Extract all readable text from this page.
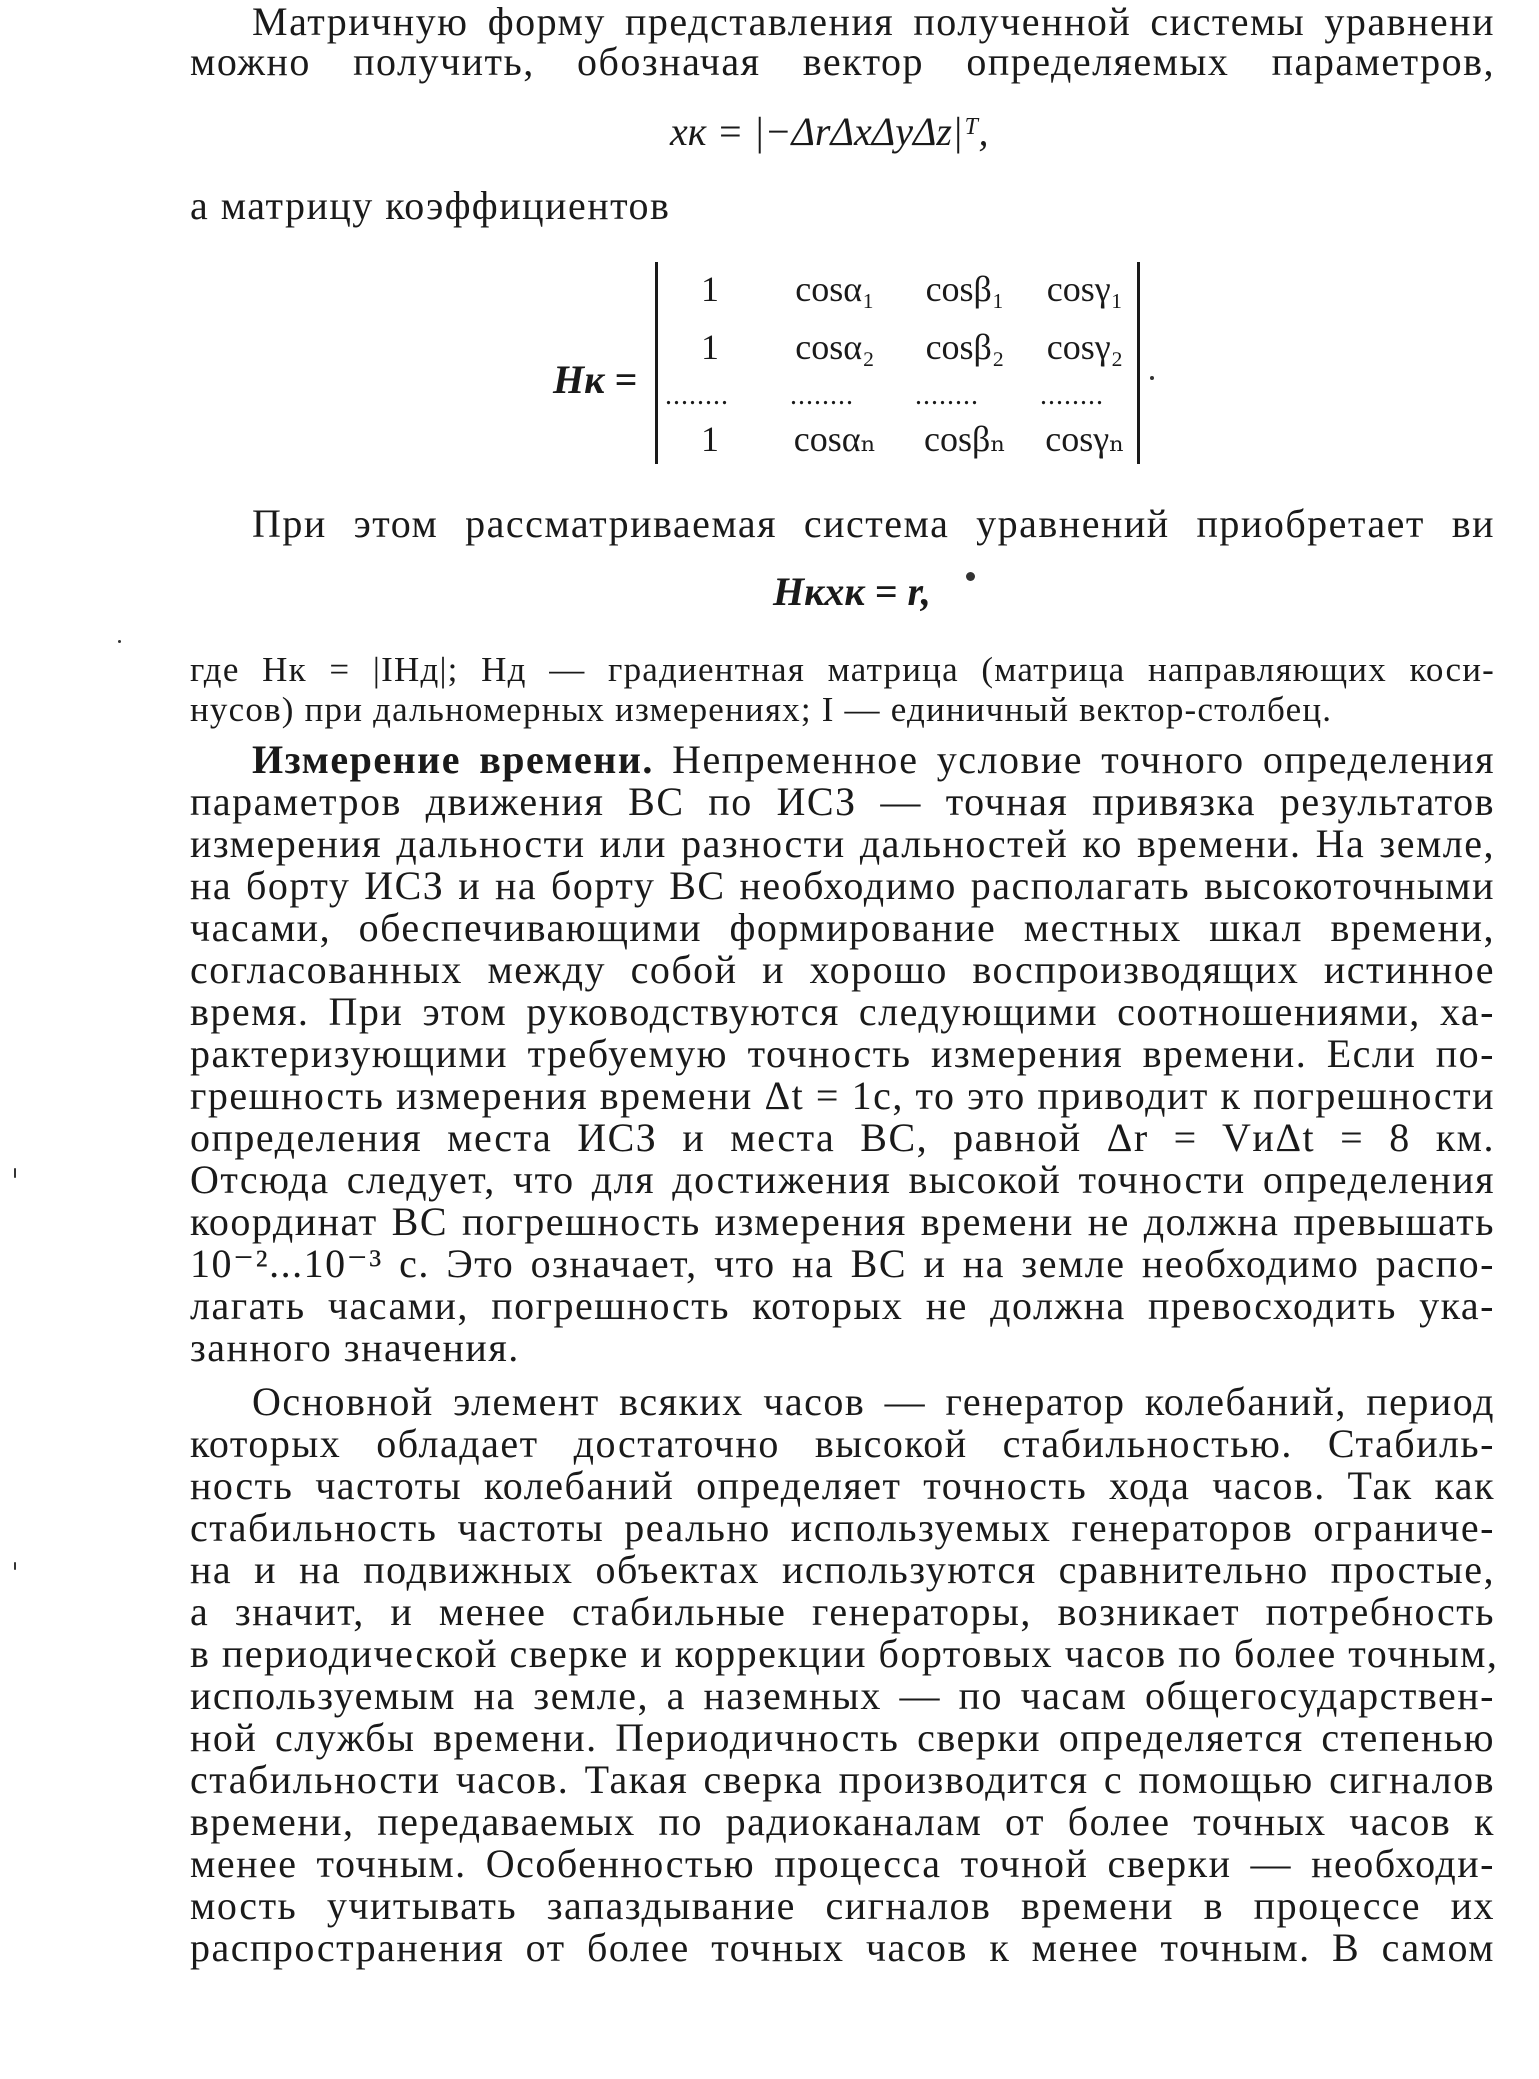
Матричную форму представления полученной системы уравнени
можно получить, обозначая вектор определяемых параметров,
xк = |−ΔrΔxΔyΔz|ᵀ,
а матрицу коэффициентов
Hк =
1	cosα₁	cosβ₁	cosγ₁
1	cosα₂	cosβ₂	cosγ₂
........ ........ ........ ........
1	cosαₙ	cosβₙ	cosγₙ
При этом рассматриваемая система уравнений приобретает ви
Hкxк = r,
где Hк = |IHд|; Hд — градиентная матрица (матрица направляющих коси-
нусов) при дальномерных измерениях; I — единичный вектор-столбец.
Измерение времени. Непременное условие точного определения
параметров движения ВС по ИСЗ — точная привязка результатов
измерения дальности или разности дальностей ко времени. На земле,
на борту ИСЗ и на борту ВС необходимо располагать высокоточными
часами, обеспечивающими формирование местных шкал времени,
согласованных между собой и хорошо воспроизводящих истинное
время. При этом руководствуются следующими соотношениями, ха-
рактеризующими требуемую точность измерения времени. Если по-
грешность измерения времени Δt = 1c, то это приводит к погрешности
определения места ИСЗ и места ВС, равной Δr = VиΔt = 8 км.
Отсюда следует, что для достижения высокой точности определения
координат ВС погрешность измерения времени не должна превышать
10⁻²...10⁻³ с. Это означает, что на ВС и на земле необходимо распо-
лагать часами, погрешность которых не должна превосходить ука-
занного значения.
Основной элемент всяких часов — генератор колебаний, период
которых обладает достаточно высокой стабильностью. Стабиль-
ность частоты колебаний определяет точность хода часов. Так как
стабильность частоты реально используемых генераторов ограниче-
на и на подвижных объектах используются сравнительно простые,
а значит, и менее стабильные генераторы, возникает потребность
в периодической сверке и коррекции бортовых часов по более точным,
используемым на земле, а наземных — по часам общегосударствен-
ной службы времени. Периодичность сверки определяется степенью
стабильности часов. Такая сверка производится с помощью сигналов
времени, передаваемых по радиоканалам от более точных часов к
менее точным. Особенностью процесса точной сверки — необходи-
мость учитывать запаздывание сигналов времени в процессе их
распространения от более точных часов к менее точным. В самом
